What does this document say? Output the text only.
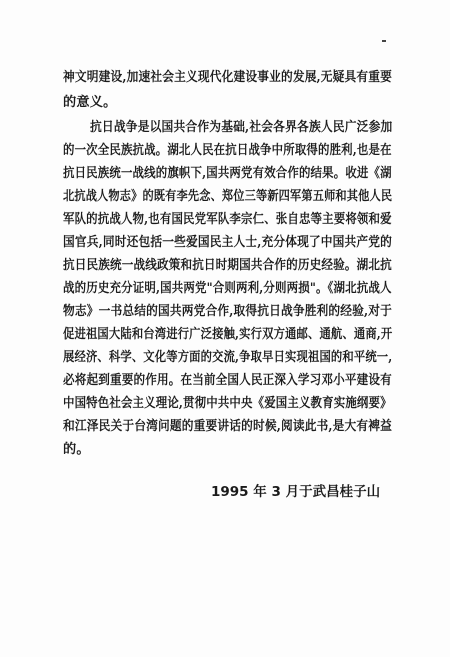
神文明建设,加速社会主义现代化建设事业的发展,无疑具有重要
的意义。
抗日战争是以国共合作为基础,社会各界各族人民广泛参加
的一次全民族抗战。湖北人民在抗日战争中所取得的胜利,也是在
抗日民族统一战线的旗帜下,国共两党有效合作的结果。收进《湖
北抗战人物志》的既有李先念、郑位三等新四军第五师和其他人民
军队的抗战人物,也有国民党军队李宗仁、张自忠等主要将领和爱
国官兵,同时还包括一些爱国民主人士,充分体现了中国共产党的
抗日民族统一战线政策和抗日时期国共合作的历史经验。湖北抗
战的历史充分证明,国共两党"合则两利,分则两损"。《湖北抗战人
物志》一书总结的国共两党合作,取得抗日战争胜利的经验,对于
促进祖国大陆和台湾进行广泛接触,实行双方通邮、通航、通商,开
展经济、科学、文化等方面的交流,争取早日实现祖国的和平统一,
必将起到重要的作用。在当前全国人民正深入学习邓小平建设有
中国特色社会主义理论,贯彻中共中央《爱国主义教育实施纲要》
和江泽民关于台湾问题的重要讲话的时候,阅读此书,是大有裨益
的。
1995 年 3 月于武昌桂子山
